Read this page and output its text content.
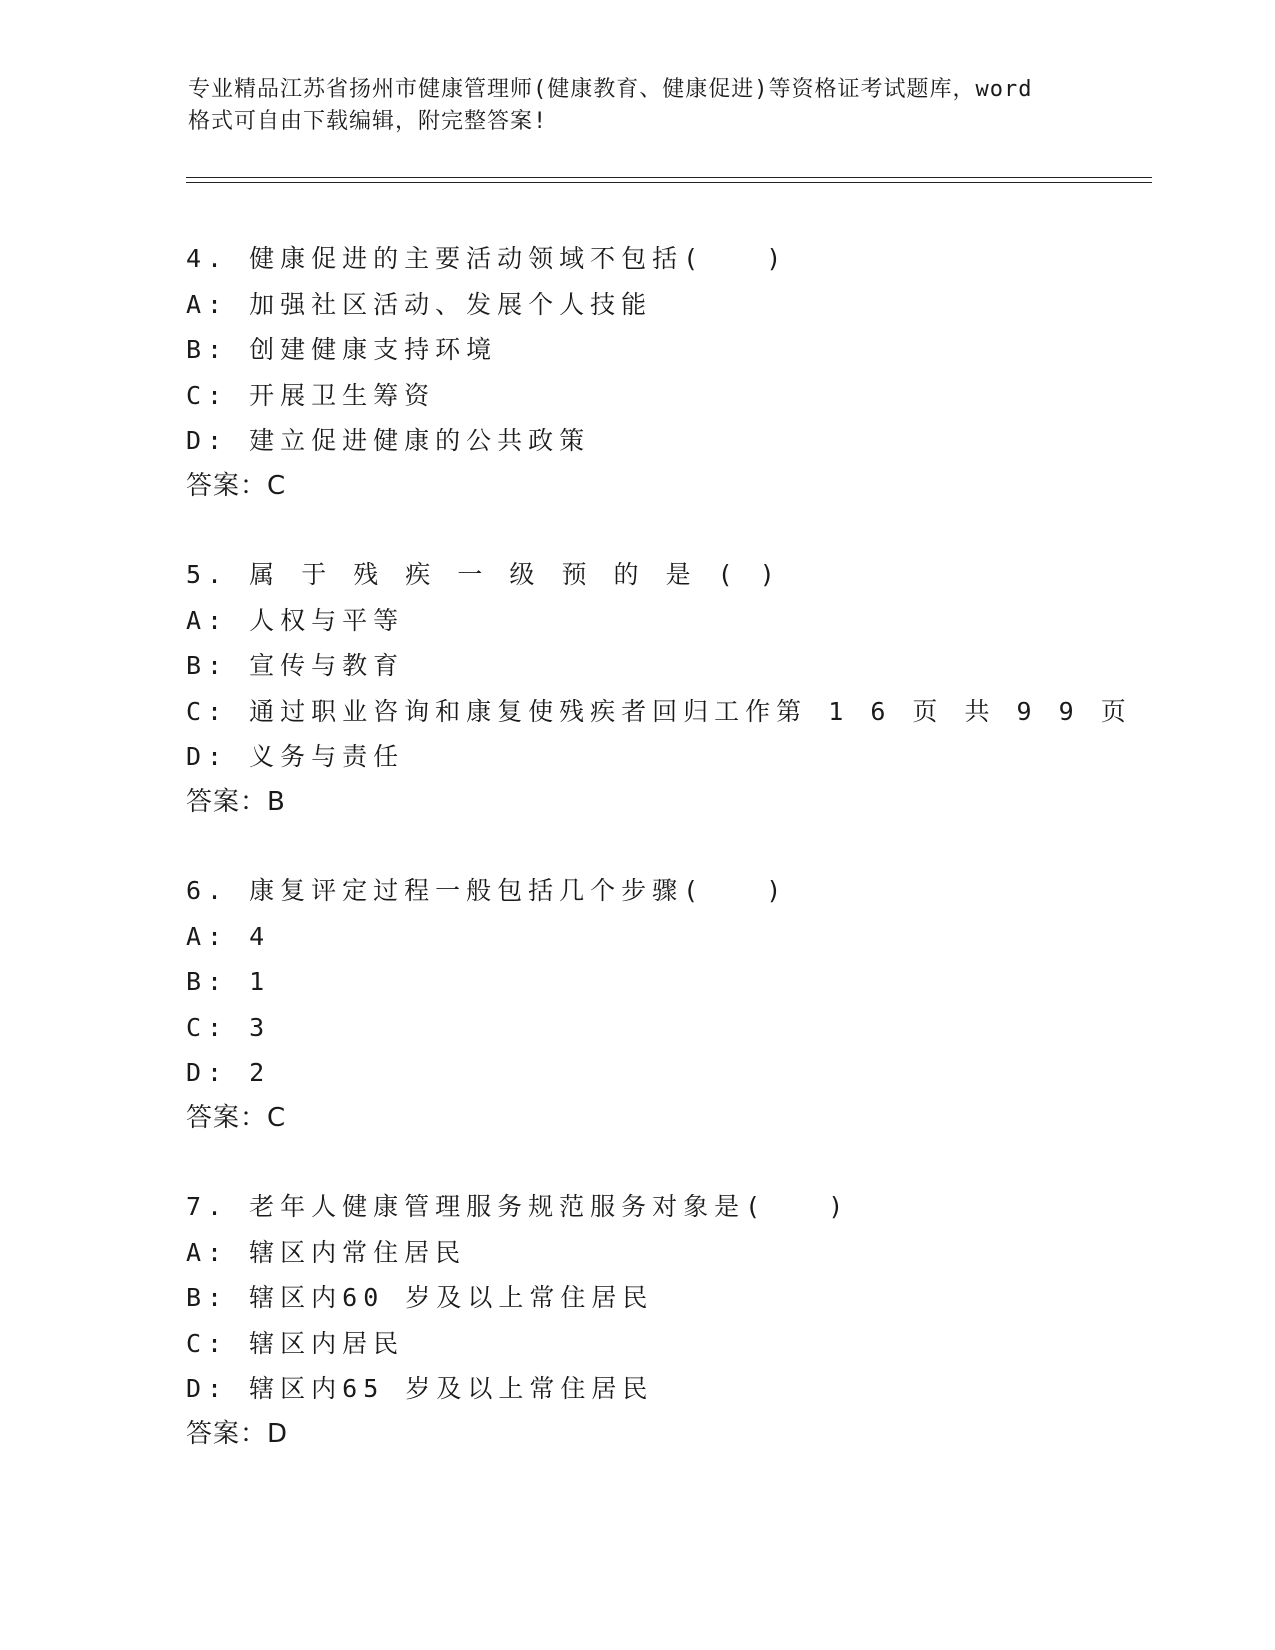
专业精品江苏省扬州市健康管理师(健康教育、健康促进)等资格证考试题库，word
格式可自由下载编辑，附完整答案!
4. 健康促进的主要活动领域不包括(　　)
A: 加强社区活动、发展个人技能
B: 创建健康支持环境
C: 开展卫生筹资
D: 建立促进健康的公共政策
答案：C
5. 属 于 残 疾 一 级 预 的 是 ( )
A: 人权与平等
B: 宣传与教育
C: 通过职业咨询和康复使残疾者回归工作第 1 6 页 共 9 9 页
D: 义务与责任
答案：B
6. 康复评定过程一般包括几个步骤(　　)
A: 4
B: 1
C: 3
D: 2
答案：C
7. 老年人健康管理服务规范服务对象是(　　)
A: 辖区内常住居民
B: 辖区内60 岁及以上常住居民
C: 辖区内居民
D: 辖区内65 岁及以上常住居民
答案：D
